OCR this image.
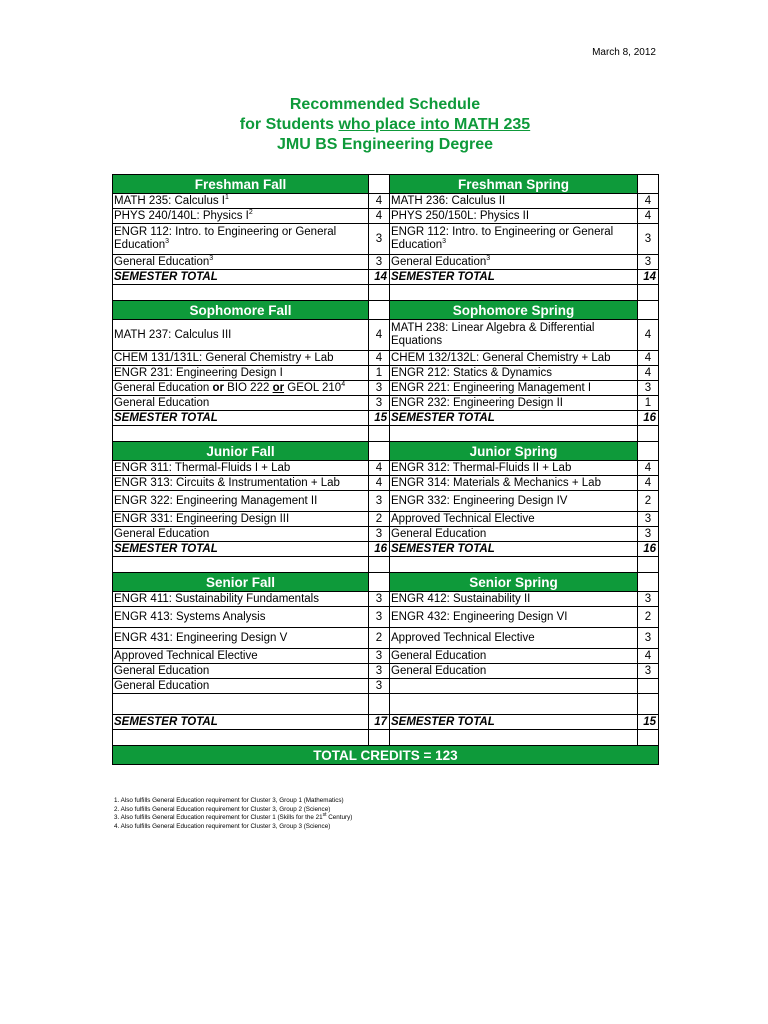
March 8, 2012
Recommended Schedule
for Students who place into MATH 235
JMU BS Engineering Degree
Freshman Fall		Freshman Spring	
MATH 235: Calculus $I^1$	4	MATH 236: Calculus II	4
PHYS 240/140L: Physics $I^2$	4	PHYS 250/150L: Physics II	4
ENGR 112: Intro. to Engineering or General Education$^3$	3	ENGR 112: Intro. to Engineering or General Education$^3$	3
General Education$^3$	3	General Education$^3$	3
SEMESTER TOTAL	14	SEMESTER TOTAL	14

Sophomore Fall		Sophomore Spring	
MATH 237: Calculus III	4	MATH 238: Linear Algebra & Differential Equations	4
CHEM 131/131L: General Chemistry + Lab	4	CHEM 132/132L: General Chemistry + Lab	4
ENGR 231: Engineering Design I	1	ENGR 212: Statics & Dynamics	4
General Education or BIO 222 or GEOL $210^4$	3	ENGR 221: Engineering Management I	3
General Education	3	ENGR 232: Engineering Design II	1
SEMESTER TOTAL	15	SEMESTER TOTAL	16

Junior Fall		Junior Spring	
ENGR 311: Thermal-Fluids I + Lab	4	ENGR 312: Thermal-Fluids II + Lab	4
ENGR 313: Circuits & Instrumentation + Lab	4	ENGR 314: Materials & Mechanics + Lab	4
ENGR 322: Engineering Management II	3	ENGR 332: Engineering Design IV	2
ENGR 331: Engineering Design III	2	Approved Technical Elective	3
General Education	3	General Education	3
SEMESTER TOTAL	16	SEMESTER TOTAL	16

Senior Fall		Senior Spring	
ENGR 411: Sustainability Fundamentals	3	ENGR 412: Sustainability II	3
ENGR 413: Systems Analysis	3	ENGR 432: Engineering Design VI	2
ENGR 431: Engineering Design V	2	Approved Technical Elective	3
Approved Technical Elective	3	General Education	4
General Education	3	General Education	3
General Education	3		

SEMESTER TOTAL	17	SEMESTER TOTAL	15

TOTAL CREDITS = 123			
1. Also fulfills General Education requirement for Cluster 3, Group 1 (Mathematics)
2. Also fulfills General Education requirement for Cluster 3, Group 2 (Science)
3. Also fulfills General Education requirement for Cluster 1 (Skills for the 21st Century)
4. Also fulfills General Education requirement for Cluster 3, Group 3 (Science)
